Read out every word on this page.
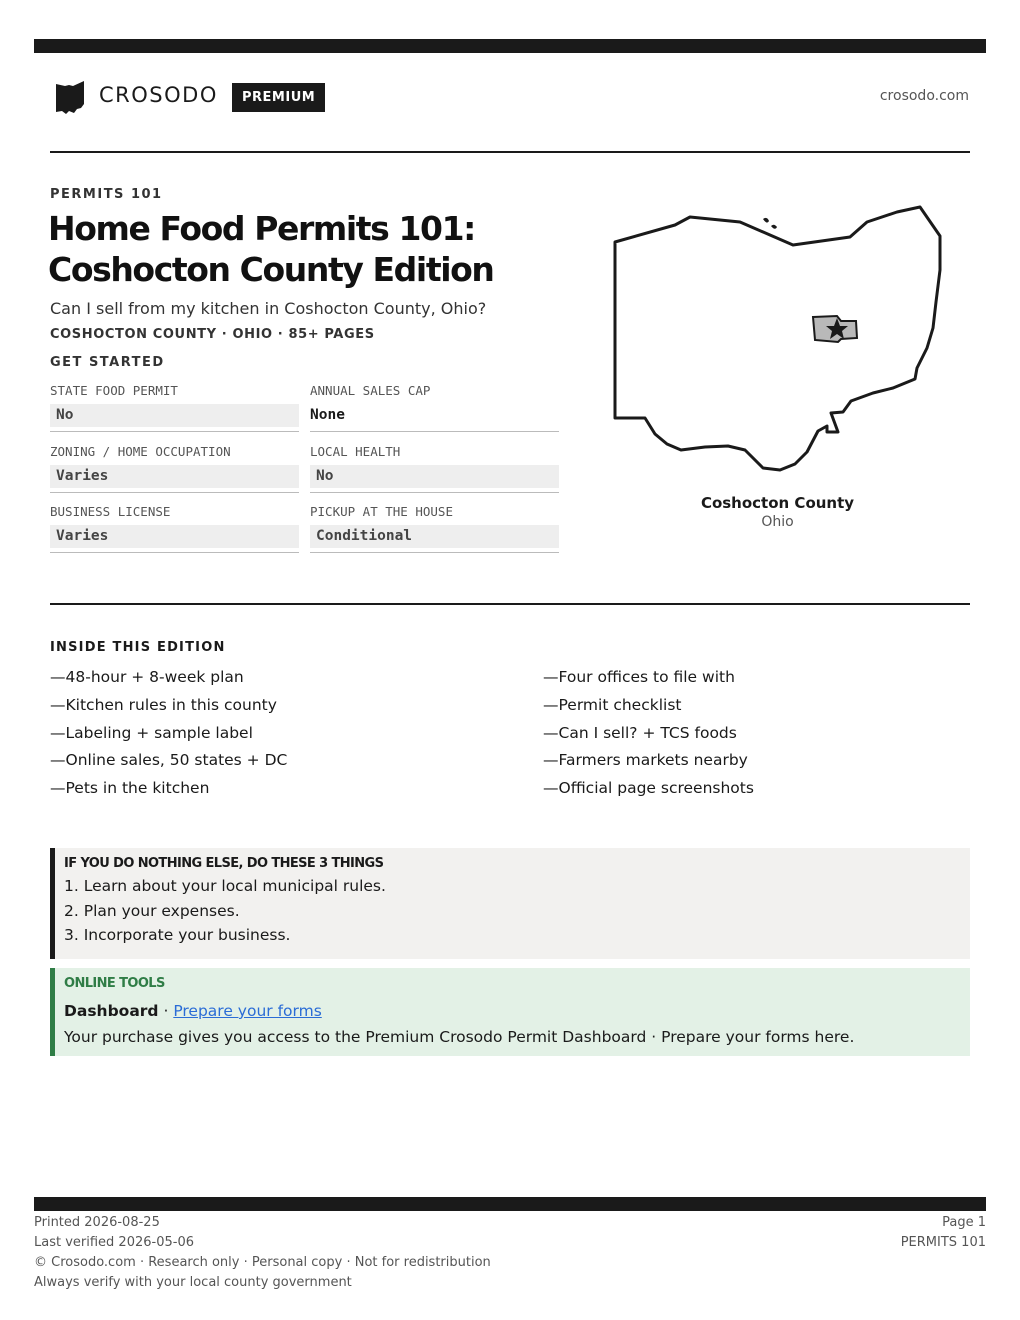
CROSODO	PREMIUM	crosodo.com
PERMITS 101
Home Food Permits 101:
Coshocton County Edition
Can I sell from my kitchen in Coshocton County, Ohio?
COSHOCTON COUNTY · OHIO · 85+ PAGES
GET STARTED
STATE FOOD PERMIT
No
ANNUAL SALES CAP
None
ZONING / HOME OCCUPATION
Varies
LOCAL HEALTH
No
BUSINESS LICENSE
Varies
PICKUP AT THE HOUSE
Conditional
Coshocton County
Ohio
INSIDE THIS EDITION
—48-hour + 8-week plan
—Kitchen rules in this county
—Labeling + sample label
—Online sales, 50 states + DC
—Pets in the kitchen
—Four offices to file with
—Permit checklist
—Can I sell? + TCS foods
—Farmers markets nearby
—Official page screenshots
IF YOU DO NOTHING ELSE, DO THESE 3 THINGS
1. Learn about your local municipal rules.
2. Plan your expenses.
3. Incorporate your business.
ONLINE TOOLS
Dashboard · Prepare your forms
Your purchase gives you access to the Premium Crosodo Permit Dashboard · Prepare your forms here.
Printed 2026-08-25
Last verified 2026-05-06
© Crosodo.com · Research only · Personal copy · Not for redistribution
Always verify with your local county government
Page 1
PERMITS 101
